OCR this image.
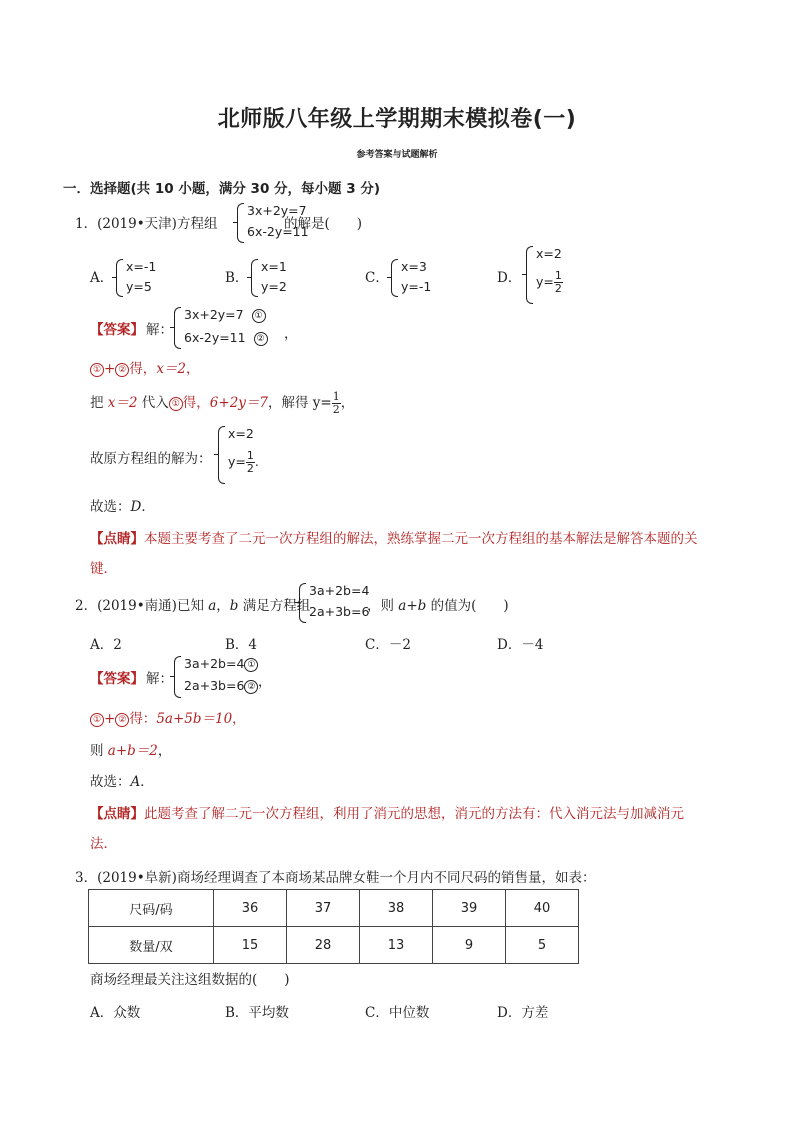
北师版八年级上学期期末模拟卷(一)
参考答案与试题解析
一．选择题(共 10 小题，满分 30 分，每小题 3 分)
1．(2019•天津)方程组
3x+2y=7
6x-2y=11
的解是(　　)
A．
x=-1
y=5
B．
x=1
y=2
C．
x=3
y=-1
D．
x=2
$y= \frac{1}{2}$
【答案】 解：
3x+2y=7 ①
6x-2y=11 ② ，
① + ② 得，x＝2，
把 x＝2 代入 ① 得，6+2y＝7，解得 $y= \frac{1}{2}$ ，
故原方程组的解为：
x=2
$y= \frac{1}{2}$ .
故选：D．
【点睛】本题主要考查了二元一次方程组的解法，熟练掌握二元一次方程组的基本解法是解答本题的关
键．
2．(2019•南通)已知 a，b 满足方程组
3a+2b=4
2a+3b=6
，则 a+b 的值为(　　)
A．2	B．4	C．－2	D．－4
【答案】 解：
3a+2b=4 ①
2a+3b=6 ② ，
① + ② 得：5a+5b＝10，
则 a+b＝2，
故选：A．
【点睛】此题考查了解二元一次方程组，利用了消元的思想，消元的方法有：代入消元法与加减消元
法．
3．(2019•阜新)商场经理调查了本商场某品牌女鞋一个月内不同尺码的销售量，如表：
尺码/码	36	37	38	39	40
数量/双	15	28	13	9	5
商场经理最关注这组数据的(　　)
A．众数	B．平均数	C．中位数	D．方差
